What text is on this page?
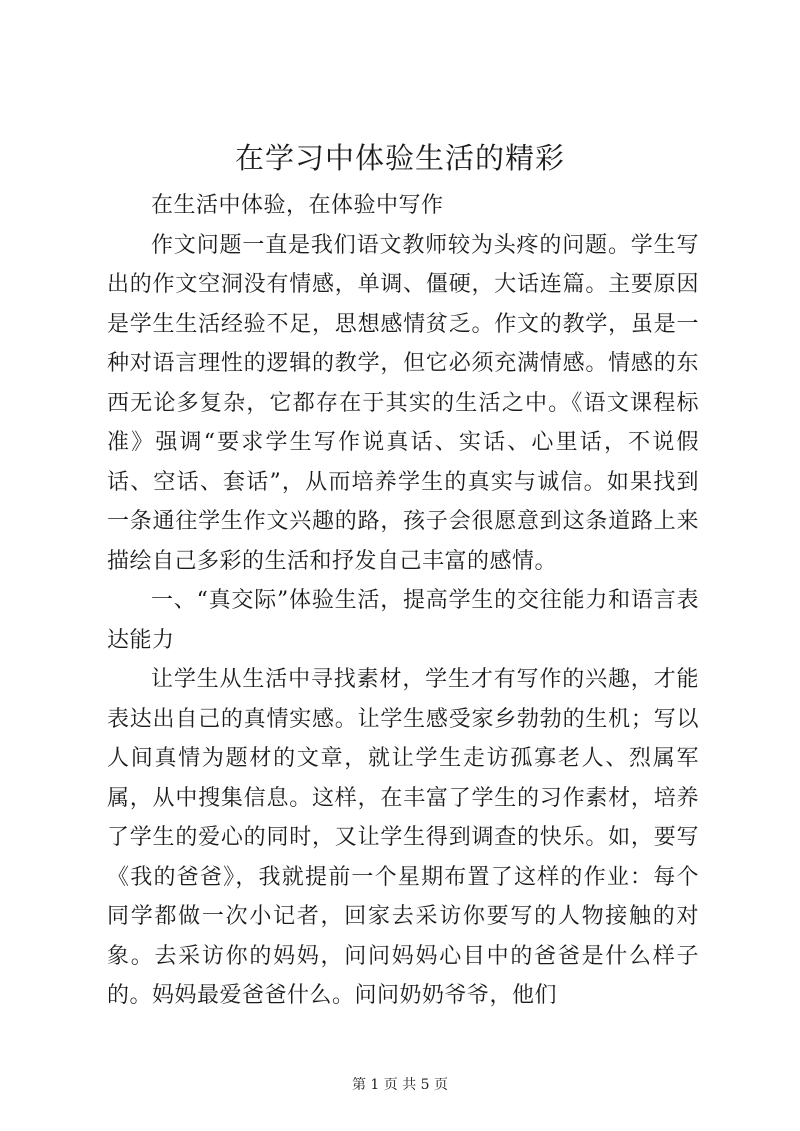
在学习中体验生活的精彩

在生活中体验，在体验中写作

作文问题一直是我们语文教师较为头疼的问题。学生写出的作文空洞没有情感，单调、僵硬，大话连篇。主要原因是学生生活经验不足，思想感情贫乏。作文的教学，虽是一种对语言理性的逻辑的教学，但它必须充满情感。情感的东西无论多复杂，它都存在于其实的生活之中。《语文课程标准》强调“要求学生写作说真话、实话、心里话，不说假话、空话、套话”，从而培养学生的真实与诚信。如果找到一条通往学生作文兴趣的路，孩子会很愿意到这条道路上来描绘自己多彩的生活和抒发自己丰富的感情。

一、“真交际”体验生活，提高学生的交往能力和语言表达能力

让学生从生活中寻找素材，学生才有写作的兴趣，才能表达出自己的真情实感。让学生感受家乡勃勃的生机；写以人间真情为题材的文章，就让学生走访孤寡老人、烈属军属，从中搜集信息。这样，在丰富了学生的习作素材，培养了学生的爱心的同时，又让学生得到调查的快乐。如，要写《我的爸爸》，我就提前一个星期布置了这样的作业：每个同学都做一次小记者，回家去采访你要写的人物接触的对象。去采访你的妈妈，问问妈妈心目中的爸爸是什么样子的。妈妈最爱爸爸什么。问问奶奶爷爷，他们

第 1 页 共 5 页
